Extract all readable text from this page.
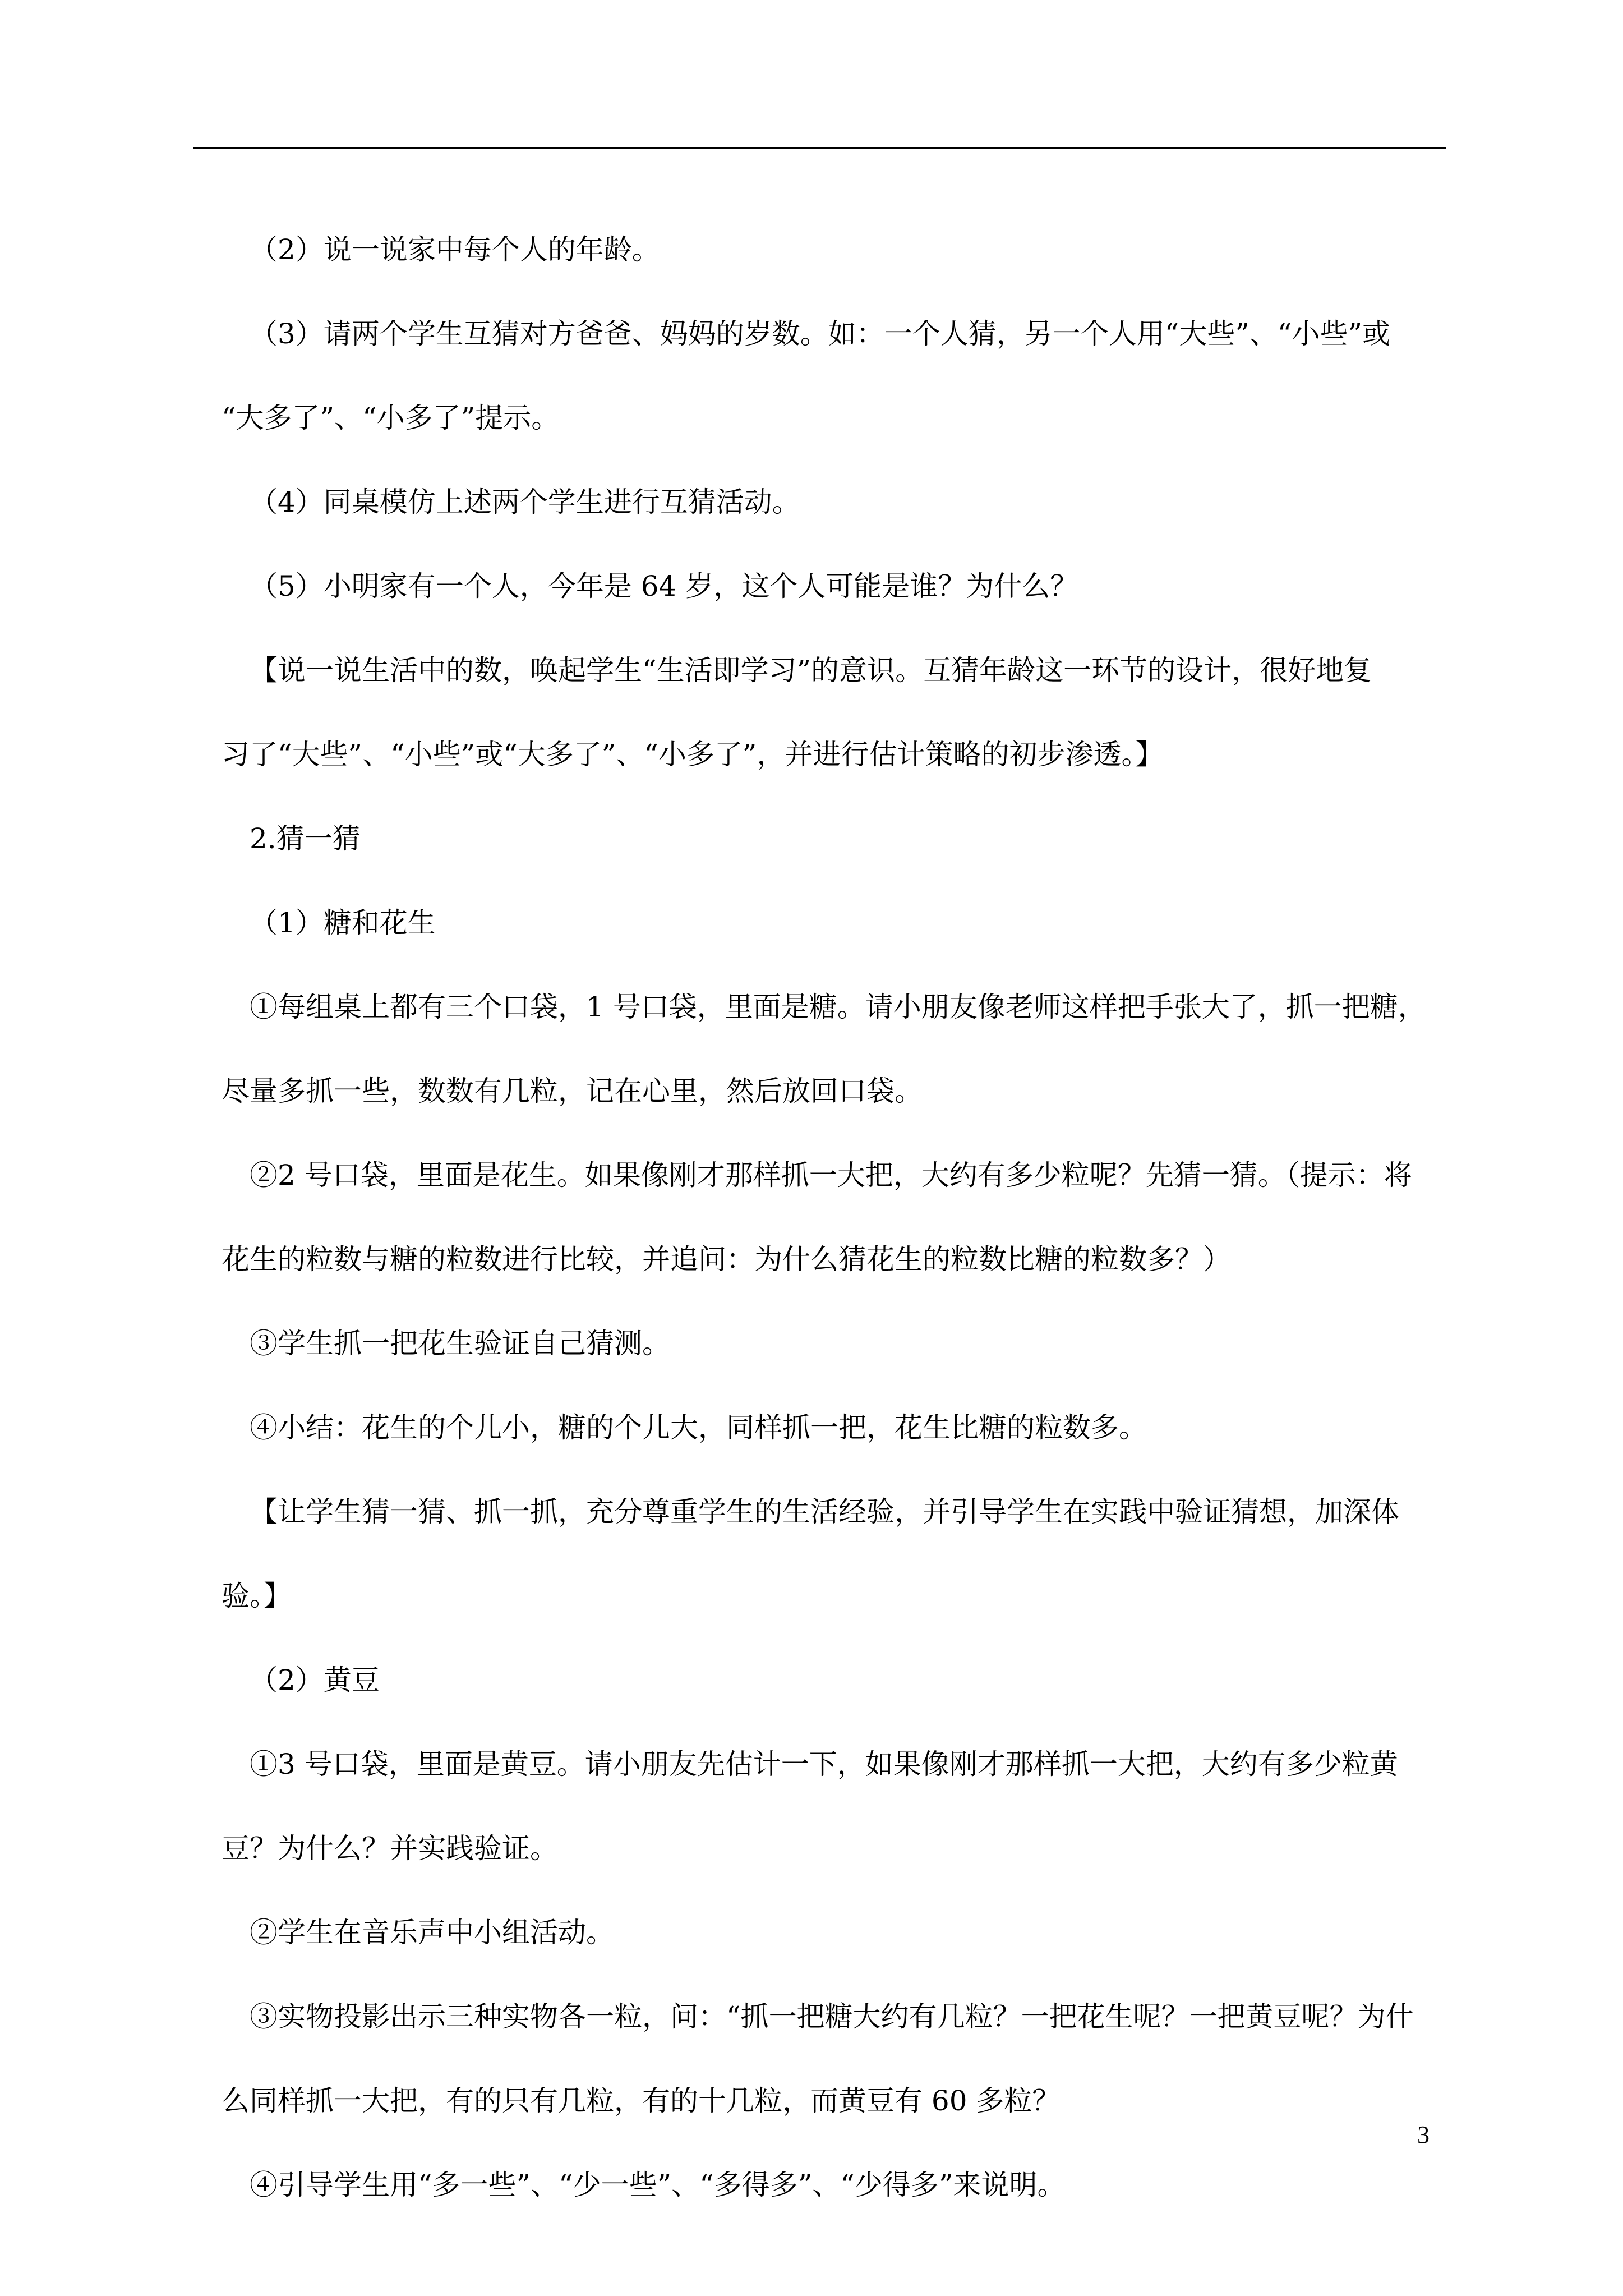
（2）说一说家中每个人的年龄。

（3）请两个学生互猜对方爸爸、妈妈的岁数。如：一个人猜，另一个人用“大些”、“小些”或

“大多了”、“小多了”提示。

（4）同桌模仿上述两个学生进行互猜活动。

（5）小明家有一个人，今年是 64 岁，这个人可能是谁？为什么？

【说一说生活中的数，唤起学生“生活即学习”的意识。互猜年龄这一环节的设计，很好地复

习了“大些”、“小些”或“大多了”、“小多了”，并进行估计策略的初步渗透。】

2.猜一猜

（1）糖和花生

①每组桌上都有三个口袋，1 号口袋，里面是糖。请小朋友像老师这样把手张大了，抓一把糖，

尽量多抓一些，数数有几粒，记在心里，然后放回口袋。

②2 号口袋，里面是花生。如果像刚才那样抓一大把，大约有多少粒呢？先猜一猜。（提示：将

花生的粒数与糖的粒数进行比较，并追问：为什么猜花生的粒数比糖的粒数多？）

③学生抓一把花生验证自己猜测。

④小结：花生的个儿小，糖的个儿大，同样抓一把，花生比糖的粒数多。

【让学生猜一猜、抓一抓，充分尊重学生的生活经验，并引导学生在实践中验证猜想，加深体

验。】

（2）黄豆

①3 号口袋，里面是黄豆。请小朋友先估计一下，如果像刚才那样抓一大把，大约有多少粒黄

豆？为什么？并实践验证。

②学生在音乐声中小组活动。

③实物投影出示三种实物各一粒，问：“抓一把糖大约有几粒？一把花生呢？一把黄豆呢？为什

么同样抓一大把，有的只有几粒，有的十几粒，而黄豆有 60 多粒？

④引导学生用“多一些”、“少一些”、“多得多”、“少得多”来说明。

3
